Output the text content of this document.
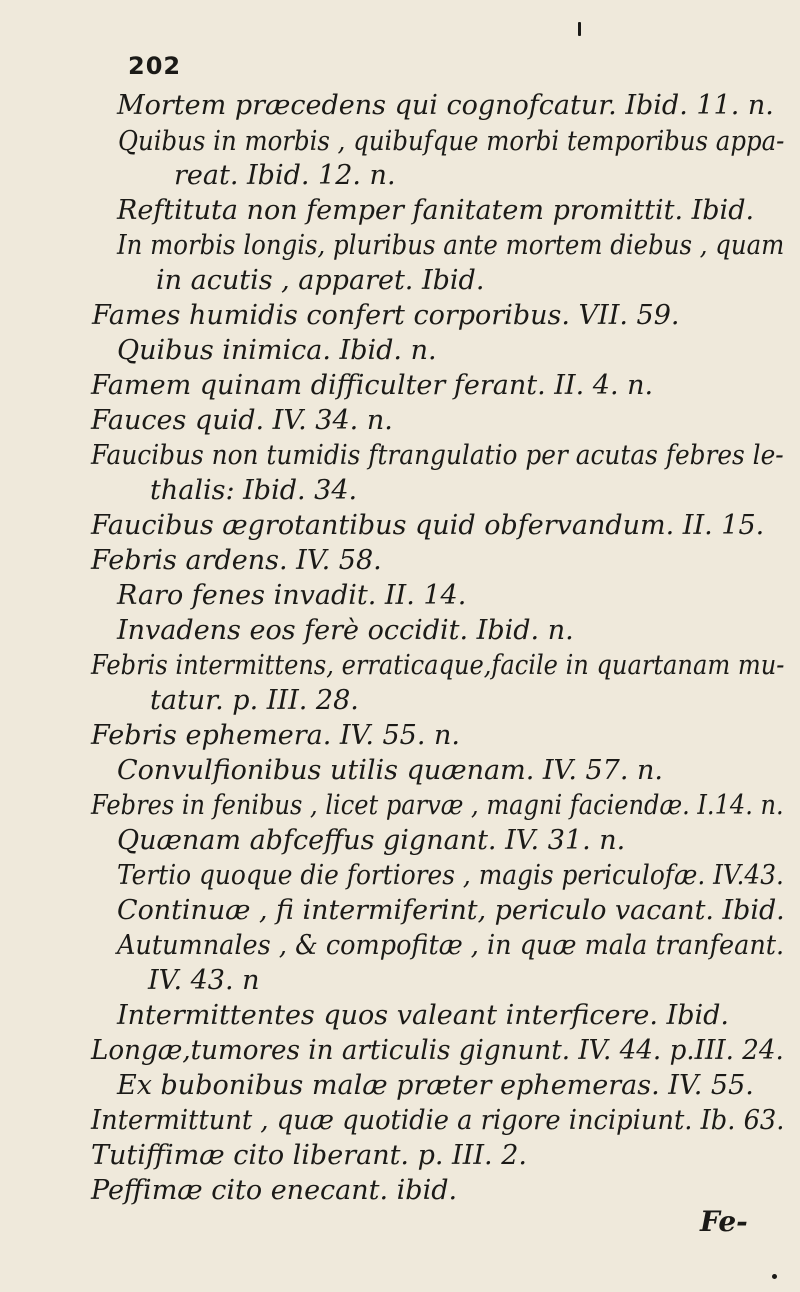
202
Mortem præcedens qui cognofcatur. Ibid. 11. n.
Quibus in morbis , quibufque morbi temporibus appa-
reat. Ibid. 12. n.
Reftituta non femper fanitatem promittit. Ibid.
In morbis longis, pluribus ante mortem diebus , quam
in acutis , apparet. Ibid.
Fames humidis confert corporibus. VII. 59.
Quibus inimica. Ibid. n.
Famem quinam difficulter ferant. II. 4. n.
Fauces quid. IV. 34. n.
Faucibus non tumidis ftrangulatio per acutas febres le-
thalis: Ibid. 34.
Faucibus ægrotantibus quid obfervandum. II. 15.
Febris ardens. IV. 58.
Raro fenes invadit. II. 14.
Invadens eos ferè occidit. Ibid. n.
Febris intermittens, erraticaque,facile in quartanam mu-
tatur. p. III. 28.
Febris ephemera. IV. 55. n.
Convulfionibus utilis quænam. IV. 57. n.
Febres in fenibus , licet parvæ , magni faciendæ. I.14. n.
Quænam abfceffus gignant. IV. 31. n.
Tertio quoque die fortiores , magis periculofæ. IV.43.
Continuæ , fi intermiferint, periculo vacant. Ibid.
Autumnales , & compofitæ , in quæ mala tranfeant.
IV. 43. n
Intermittentes quos valeant interficere. Ibid.
Longæ,tumores in articulis gignunt. IV. 44. p.III. 24.
Ex bubonibus malæ præter ephemeras. IV. 55.
Intermittunt , quæ quotidie a rigore incipiunt. Ib. 63.
Tutiffimæ cito liberant. p. III. 2.
Peffimæ cito enecant. ibid.
Fe-
